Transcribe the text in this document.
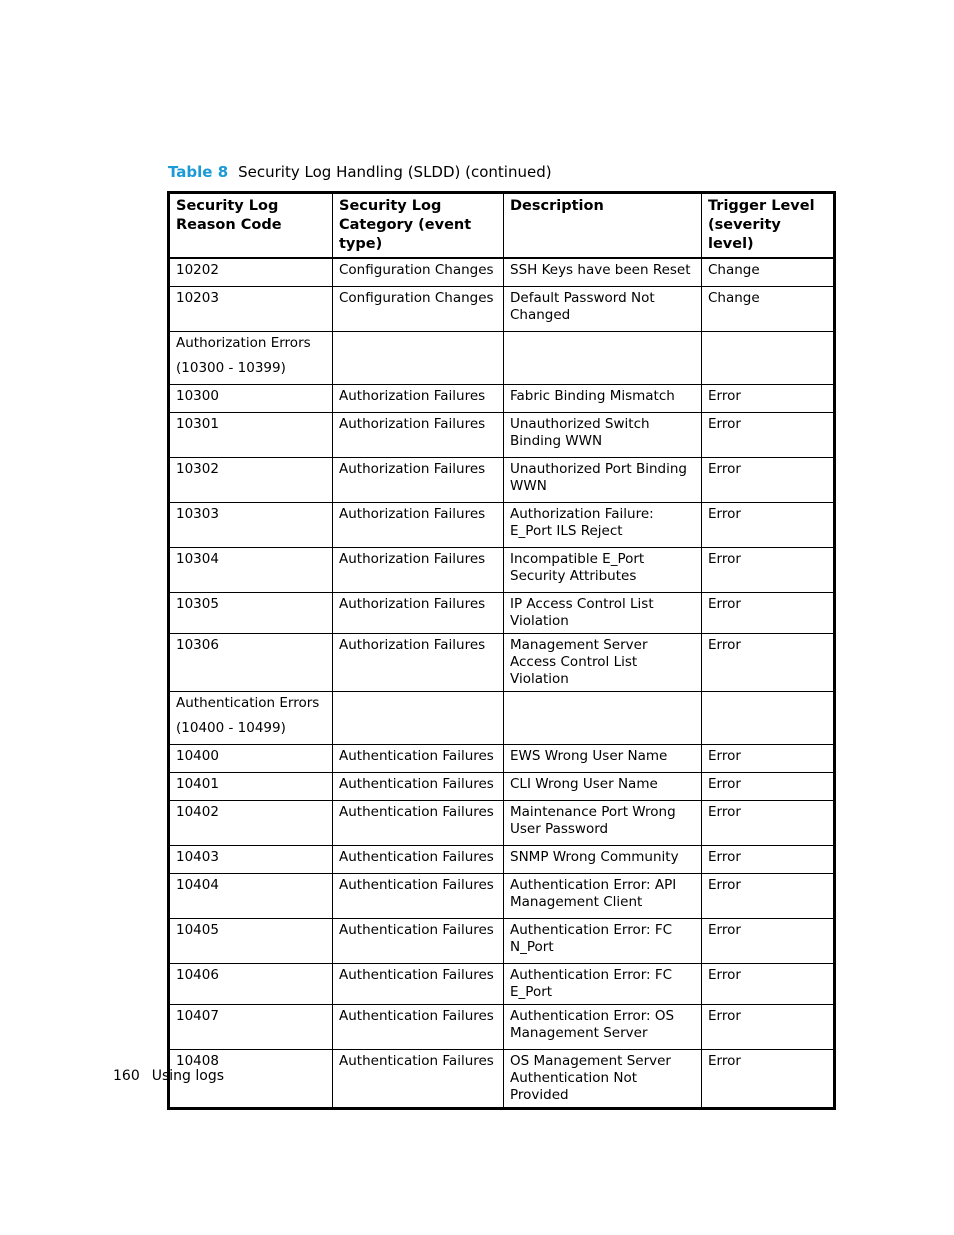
Table 8 Security Log Handling (SLDD) (continued)
Security Log Reason Code	Security Log Category (event type)	Description	Trigger Level (severity level)
10202	Configuration Changes	SSH Keys have been Reset	Change
10203	Configuration Changes	Default Password Not Changed	Change

Authorization Errors
(10300 - 10399)			

10300	Authorization Failures	Fabric Binding Mismatch	Error
10301	Authorization Failures	Unauthorized Switch Binding WWN	Error
10302	Authorization Failures	Unauthorized Port Binding WWN	Error
10303	Authorization Failures	Authorization Failure: E_Port ILS Reject	Error
10304	Authorization Failures	Incompatible E_Port Security Attributes	Error
10305	Authorization Failures	IP Access Control List Violation	Error
10306	Authorization Failures	Management Server Access Control List Violation	Error

Authentication Errors
(10400 - 10499)			

10400	Authentication Failures	EWS Wrong User Name	Error
10401	Authentication Failures	CLI Wrong User Name	Error
10402	Authentication Failures	Maintenance Port Wrong User Password	Error
10403	Authentication Failures	SNMP Wrong Community	Error
10404	Authentication Failures	Authentication Error: API Management Client	Error
10405	Authentication Failures	Authentication Error: FC N_Port	Error
10406	Authentication Failures	Authentication Error: FC E_Port	Error
10407	Authentication Failures	Authentication Error: OS Management Server	Error
10408	Authentication Failures	OS Management Server Authentication Not Provided	Error
160 Using logs
